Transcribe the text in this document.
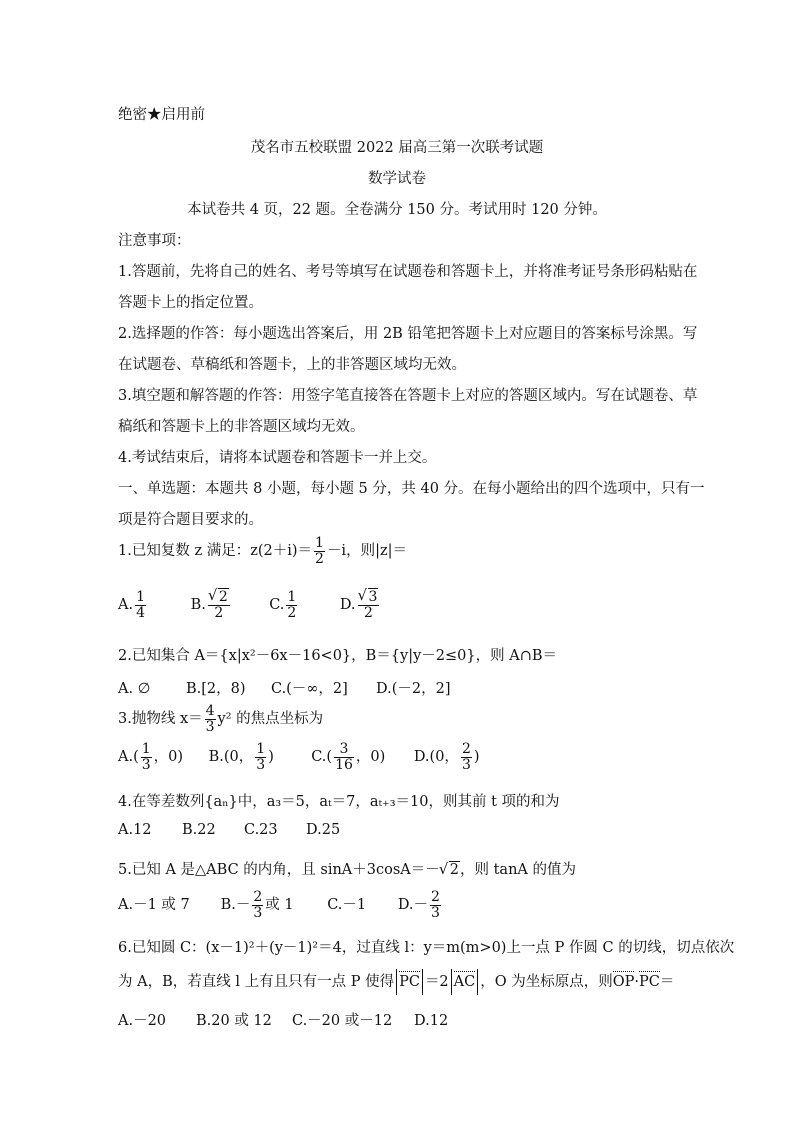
绝密★启用前
茂名市五校联盟 2022 届高三第一次联考试题
数学试卷
本试卷共 4 页，22 题。全卷满分 150 分。考试用时 120 分钟。
注意事项：
1.答题前，先将自己的姓名、考号等填写在试题卷和答题卡上，并将准考证号条形码粘贴在
答题卡上的指定位置。
2.选择题的作答：每小题选出答案后，用 2B 铅笔把答题卡上对应题目的答案标号涂黑。写
在试题卷、草稿纸和答题卡，上的非答题区域均无效。
3.填空题和解答题的作答：用签字笔直接答在答题卡上对应的答题区域内。写在试题卷、草
稿纸和答题卡上的非答题区域均无效。
4.考试结束后，请将本试题卷和答题卡一并上交。
一、单选题：本题共 8 小题，每小题 5 分，共 40 分。在每小题给出的四个选项中，只有一
项是符合题目要求的。
1.已知复数 z 满足：$z(2+i)= \frac{1}{2} -i$，则|z|＝
A. $\frac{1}{4}$	B. √ $\frac{2}{2}$	C. $\frac{1}{2}$	D. √ $\frac{3}{2}$
2.已知集合 A＝{x|x²－6x－16<0}，B＝{y|y－2≤0}，则 A∩B＝
A. ∅ B.[2，8) C.(－∞，2] D.(－2，2]
3.抛物线 $x= \frac{4}{3} y^2$ 的焦点坐标为
$A.( \frac{1}{3}$ ，0) B.(0， $\frac{1}{3}$ )	$C.( \frac{3}{16}$ ，0) D.(0， $\frac{2}{3}$ )
4.在等差数列{aₙ}中，a₃＝5，aₜ＝7，aₜ₊₃＝10，则其前 t 项的和为
A.12 B.22 C.23 D.25
5.已知 A 是△ABC 的内角，且 sinA＋3cosA＝－ √ 2，则 tanA 的值为
A.－1 或 7 $B.- \frac{2}{3}$ 或 1 C.－1 $D.- \frac{2}{3}$
6.已知圆 C：(x－1)²＋(y－1)²＝4，过直线 l：y＝m(m>0)上一点 P 作圆 C 的切线，切点依次
为 A，B，若直线 l 上有且只有一点 P 使得 PC ＝2 AC ，O 为坐标原点，则OP·PC＝
A.－20 B.20 或 12 C.－20 或－12 D.12
